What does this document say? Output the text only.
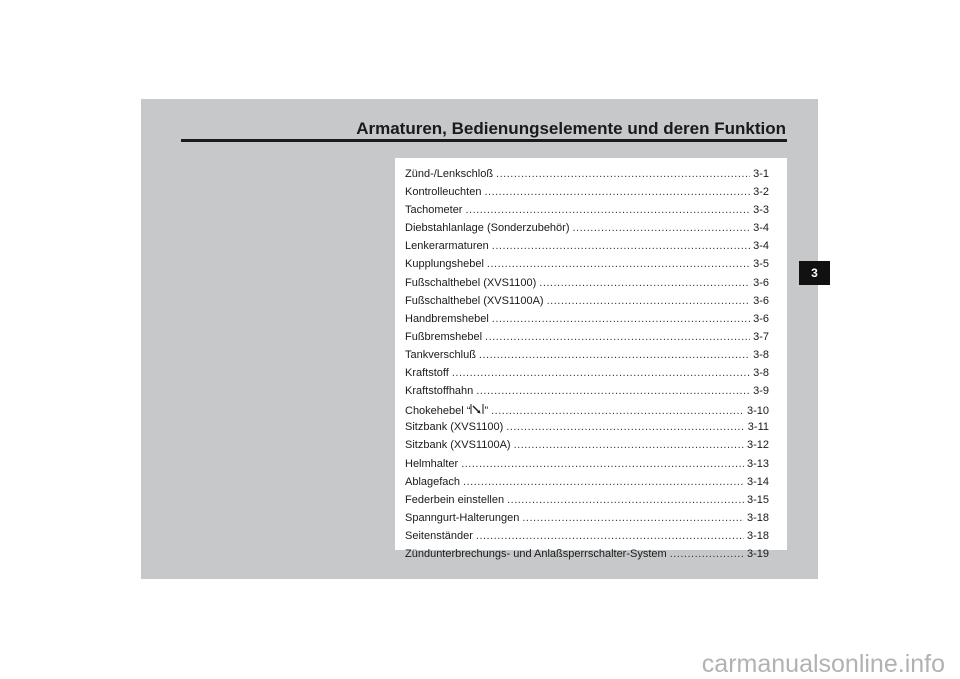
Armaturen, Bedienungselemente und deren Funktion
Zünd-/Lenkschloß .....	3-1
Kontrolleuchten .....	3-2
Tachometer .....	3-3
Diebstahlanlage (Sonderzubehör) .....	3-4
Lenkerarmaturen .....	3-4
Kupplungshebel .....	3-5
Fußschalthebel (XVS1100) .....	3-6
Fußschalthebel (XVS1100A) .....	3-6
Handbremshebel .....	3-6
Fußbremshebel .....	3-7
Tankverschluß .....	3-8
Kraftstoff .....	3-8
Kraftstoffhahn .....	3-9
Chokehebel “ ” .....	3-10
Sitzbank (XVS1100) .....	3-11
Sitzbank (XVS1100A) .....	3-12
Helmhalter .....	3-13
Ablagefach .....	3-14
Federbein einstellen .....	3-15
Spanngurt-Halterungen .....	3-18
Seitenständer .....	3-18
Zündunterbrechungs- und Anlaßsperrschalter-System .....	3-19
3
carmanualsonline.info
